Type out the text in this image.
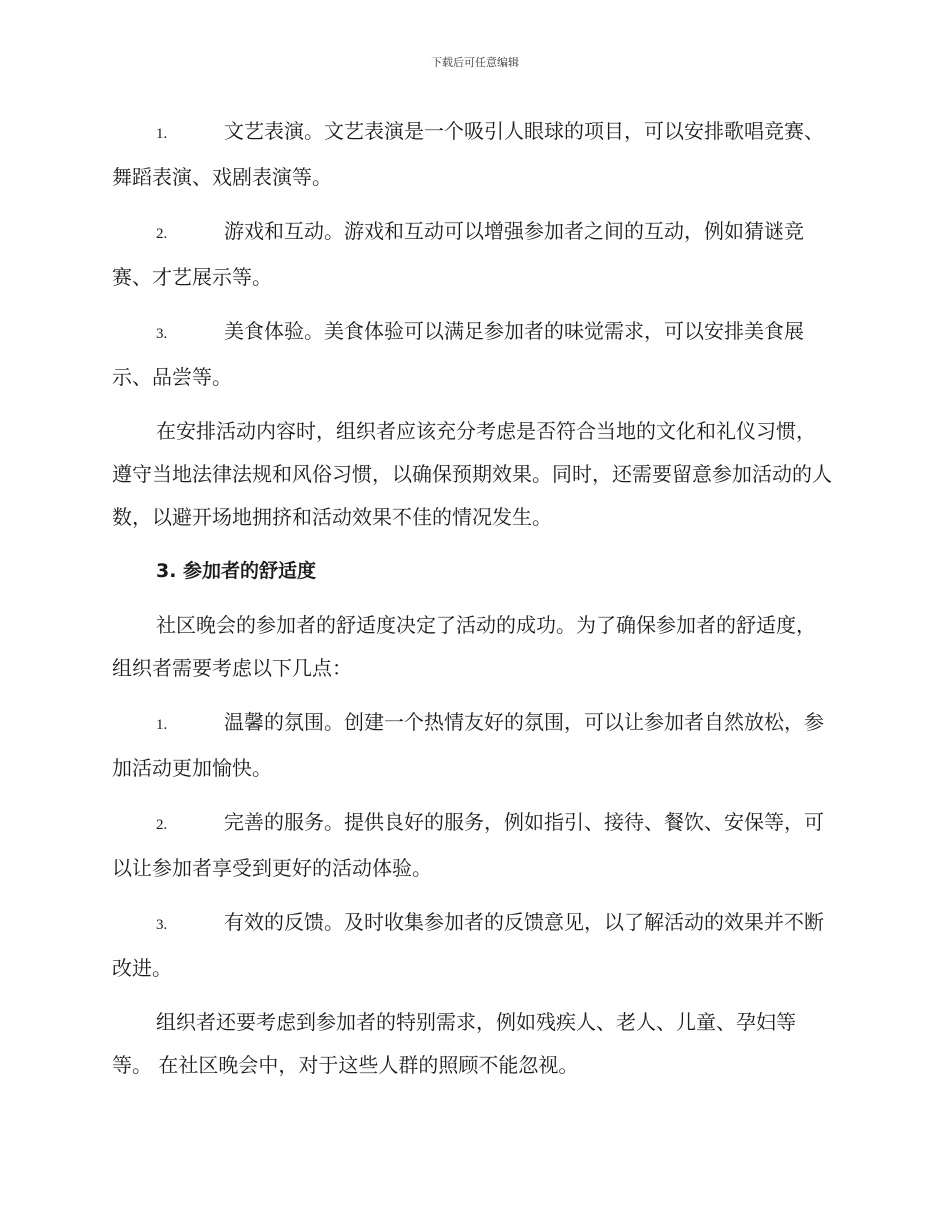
下载后可任意编辑

1.	文艺表演。文艺表演是一个吸引人眼球的项目，可以安排歌唱竞赛、舞蹈表演、戏剧表演等。

2.	游戏和互动。游戏和互动可以增强参加者之间的互动，例如猜谜竞赛、才艺展示等。

3.	美食体验。美食体验可以满足参加者的味觉需求，可以安排美食展示、品尝等。

在安排活动内容时，组织者应该充分考虑是否符合当地的文化和礼仪习惯， 遵守当地法律法规和风俗习惯，以确保预期效果。同时，还需要留意参加活动的人数，以避开场地拥挤和活动效果不佳的情况发生。

3. 参加者的舒适度

社区晚会的参加者的舒适度决定了活动的成功。为了确保参加者的舒适度，组织者需要考虑以下几点：

1.	温馨的氛围。创建一个热情友好的氛围，可以让参加者自然放松，参加活动更加愉快。

2.	完善的服务。提供良好的服务，例如指引、接待、餐饮、安保等，可以让参加者享受到更好的活动体验。

3.	有效的反馈。及时收集参加者的反馈意见，以了解活动的效果并不断改进。

组织者还要考虑到参加者的特别需求，例如残疾人、老人、儿童、孕妇等等。 在社区晚会中，对于这些人群的照顾不能忽视。
